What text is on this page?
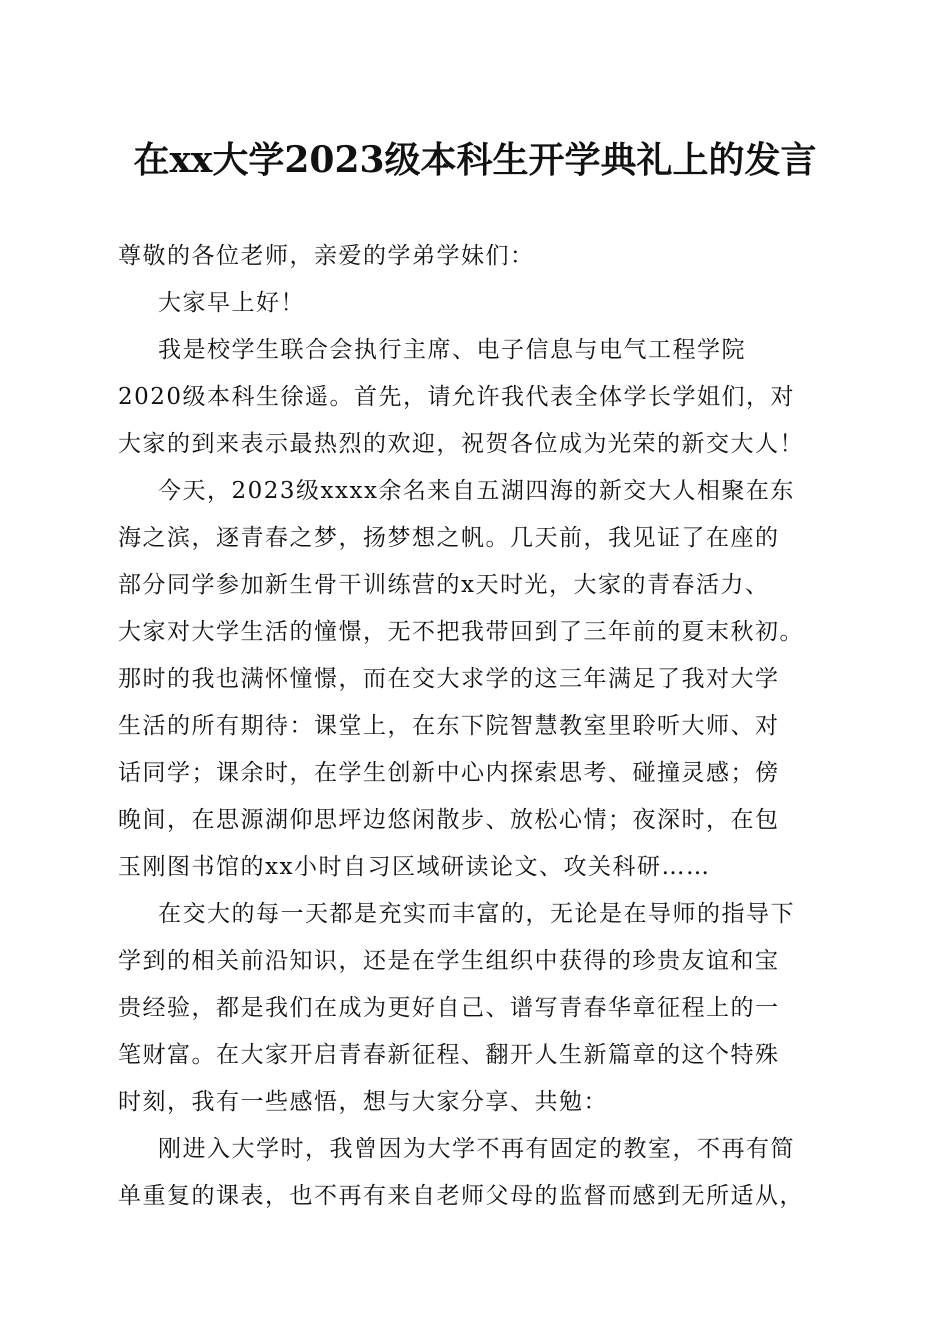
在xx大学2023级本科生开学典礼上的发言
尊敬的各位老师，亲爱的学弟学妹们：
大家早上好！
我是校学生联合会执行主席、电子信息与电气工程学院
2020级本科生徐遥。首先，请允许我代表全体学长学姐们，对
大家的到来表示最热烈的欢迎，祝贺各位成为光荣的新交大人！
今天，2023级xxxx余名来自五湖四海的新交大人相聚在东
海之滨，逐青春之梦，扬梦想之帆。几天前，我见证了在座的
部分同学参加新生骨干训练营的x天时光，大家的青春活力、
大家对大学生活的憧憬，无不把我带回到了三年前的夏末秋初。
那时的我也满怀憧憬，而在交大求学的这三年满足了我对大学
生活的所有期待：课堂上，在东下院智慧教室里聆听大师、对
话同学；课余时，在学生创新中心内探索思考、碰撞灵感；傍
晚间，在思源湖仰思坪边悠闲散步、放松心情；夜深时，在包
玉刚图书馆的xx小时自习区域研读论文、攻关科研……
在交大的每一天都是充实而丰富的，无论是在导师的指导下
学到的相关前沿知识，还是在学生组织中获得的珍贵友谊和宝
贵经验，都是我们在成为更好自己、谱写青春华章征程上的一
笔财富。在大家开启青春新征程、翻开人生新篇章的这个特殊
时刻，我有一些感悟，想与大家分享、共勉：
刚进入大学时，我曾因为大学不再有固定的教室，不再有简
单重复的课表，也不再有来自老师父母的监督而感到无所适从，
